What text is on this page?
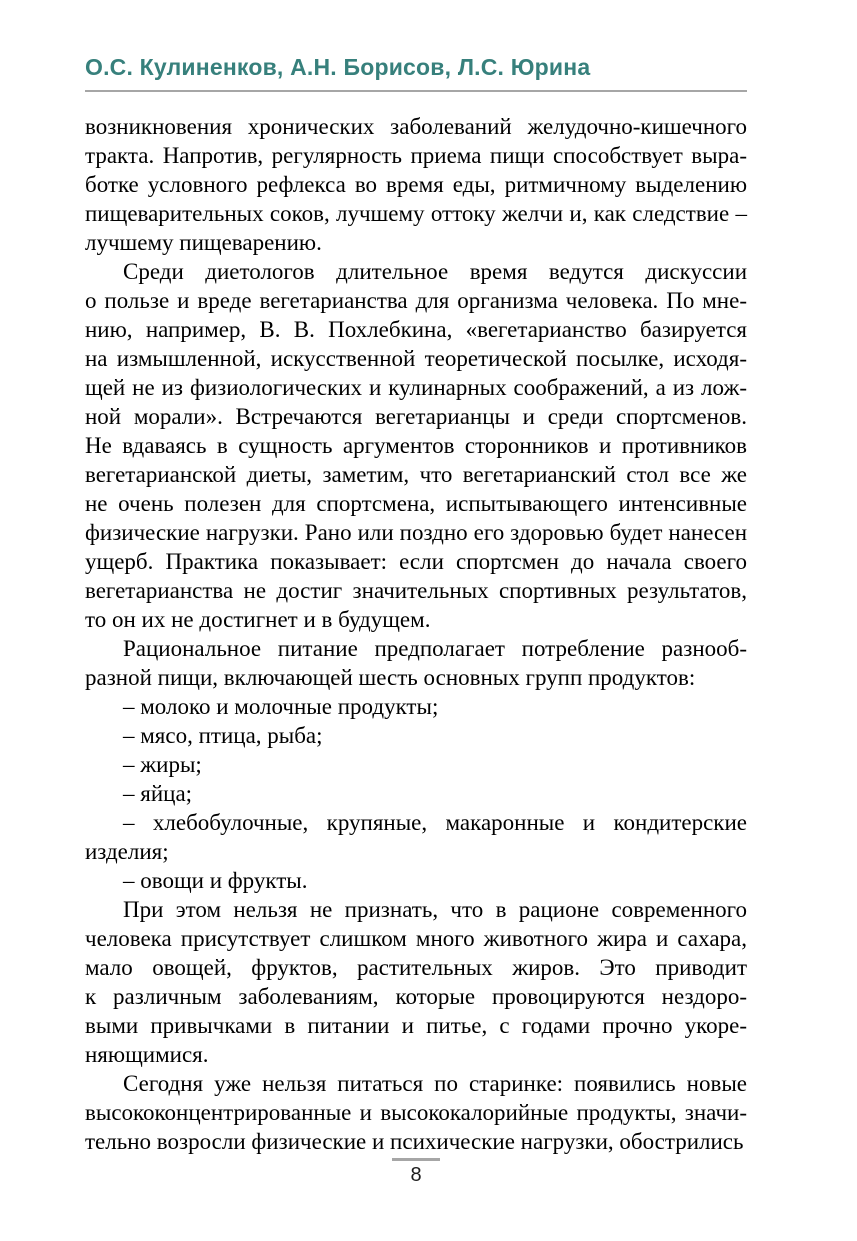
О.С. Кулиненков, А.Н. Борисов, Л.С. Юрина
возникновения хронических заболеваний желудочно-кишечного
тракта. Напротив, регулярность приема пищи способствует выра-
ботке условного рефлекса во время еды, ритмичному выделению
пищеварительных соков, лучшему оттоку желчи и, как следствие –
лучшему пищеварению.
Среди диетологов длительное время ведутся дискуссии
о пользе и вреде вегетарианства для организма человека. По мне-
нию, например, В. В. Похлебкина, «вегетарианство базируется
на измышленной, искусственной теоретической посылке, исходя-
щей не из физиологических и кулинарных соображений, а из лож-
ной морали». Встречаются вегетарианцы и среди спортсменов.
Не вдаваясь в сущность аргументов сторонников и противников
вегетарианской диеты, заметим, что вегетарианский стол все же
не очень полезен для спортсмена, испытывающего интенсивные
физические нагрузки. Рано или поздно его здоровью будет нанесен
ущерб. Практика показывает: если спортсмен до начала своего
вегетарианства не достиг значительных спортивных результатов,
то он их не достигнет и в будущем.
Рациональное питание предполагает потребление разнооб-
разной пищи, включающей шесть основных групп продуктов:
– молоко и молочные продукты;
– мясо, птица, рыба;
– жиры;
– яйца;
– хлебобулочные, крупяные, макаронные и кондитерские
изделия;
– овощи и фрукты.
При этом нельзя не признать, что в рационе современного
человека присутствует слишком много животного жира и сахара,
мало овощей, фруктов, растительных жиров. Это приводит
к различным заболеваниям, которые провоцируются нездоро-
выми привычками в питании и питье, с годами прочно укоре-
няющимися.
Сегодня уже нельзя питаться по старинке: появились новые
высококонцентрированные и высококалорийные продукты, значи-
тельно возросли физические и психические нагрузки, обострились
8
